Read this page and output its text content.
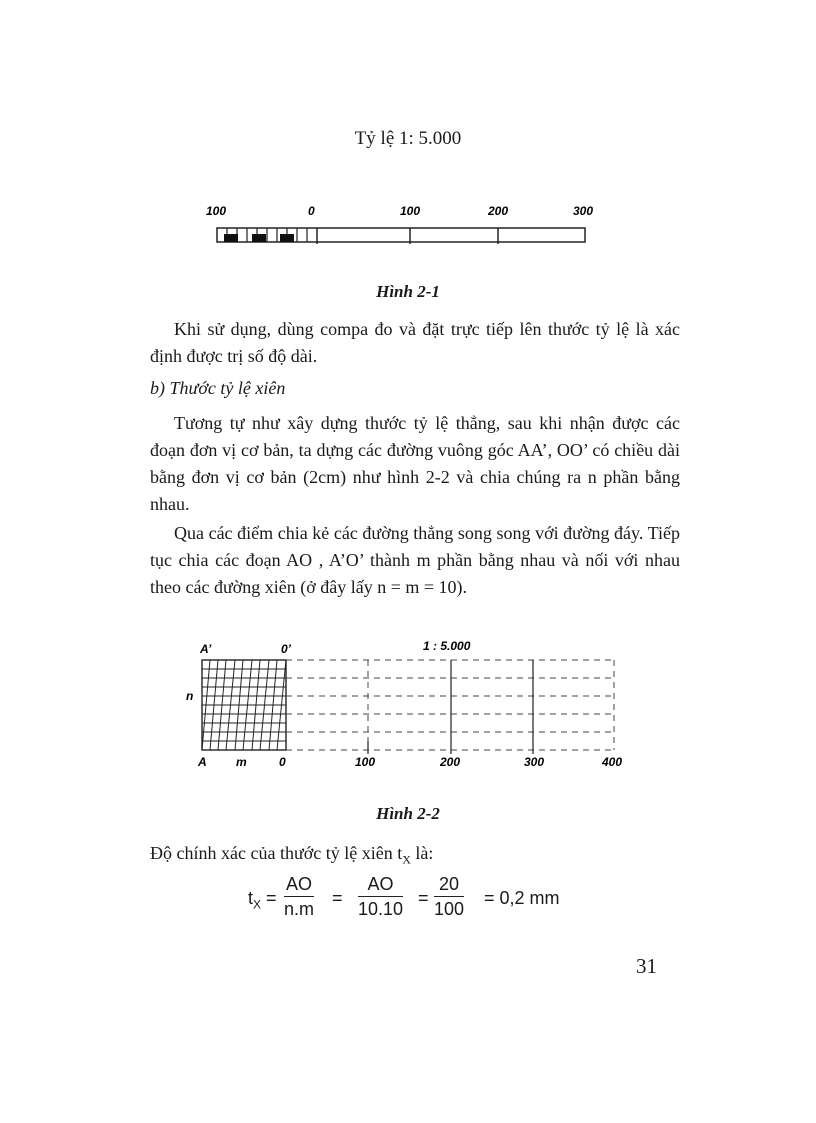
Tỷ lệ 1: 5.000
100	0	100	200	300
Hình 2-1

Khi sử dụng, dùng compa đo và đặt trực tiếp lên thước tỷ lệ là xác định được trị số độ dài.

b) Thước tỷ lệ xiên

Tương tự như xây dựng thước tỷ lệ thẳng, sau khi nhận được các đoạn đơn vị cơ bản, ta dựng các đường vuông góc AA’, OO’ có chiều dài bằng đơn vị cơ bản (2cm) như hình 2-2 và chia chúng ra n phần bằng nhau.

Qua các điểm chia kẻ các đường thẳng song song với đường đáy. Tiếp tục chia các đoạn AO , A’O’ thành m phần bằng nhau và nối với nhau theo các đường xiên (ở đây lấy n = m = 10).

A’	0’	1 : 5.000
n
A m	0	100	200	300	400
Hình 2-2
Độ chính xác của thước tỷ lệ xiên $t_X$ là:
$t_X = \frac{AO}{n.m} = \frac{AO}{10.10} = \frac{20}{100} = 0,2$ mm
31
